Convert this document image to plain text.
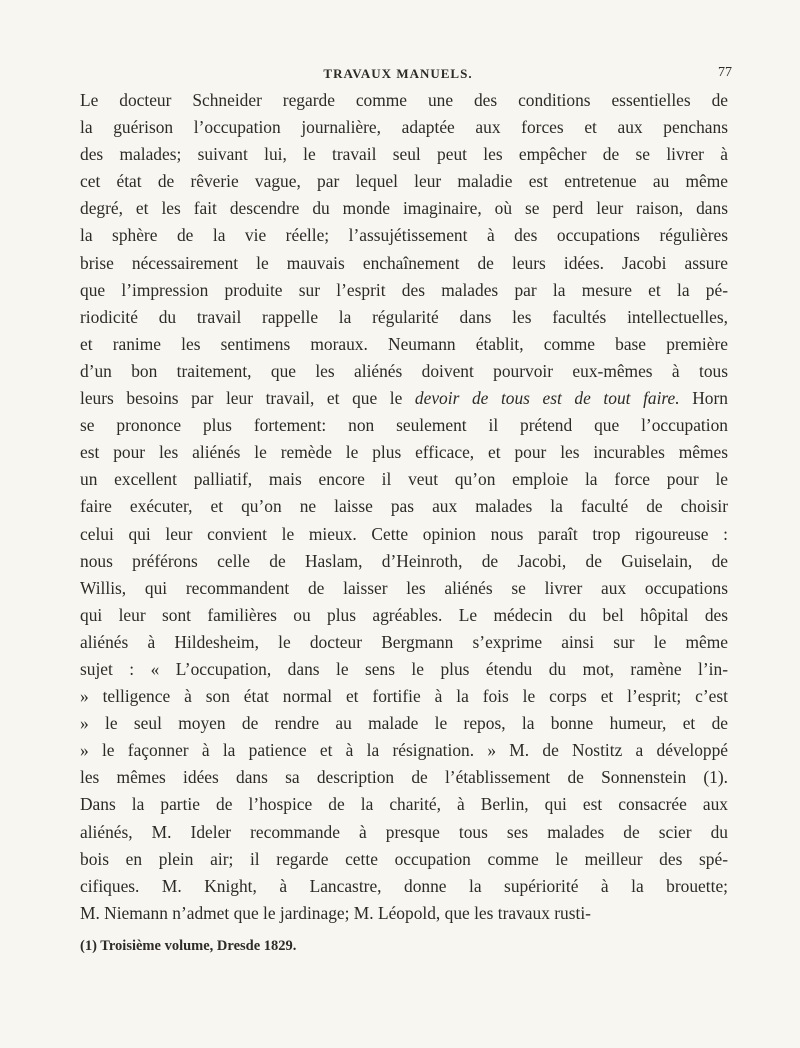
TRAVAUX MANUELS.	77
Le docteur Schneider regarde comme une des conditions essentielles de
la guérison l’occupation journalière, adaptée aux forces et aux penchans
des malades; suivant lui, le travail seul peut les empêcher de se livrer à
cet état de rêverie vague, par lequel leur maladie est entretenue au même
degré, et les fait descendre du monde imaginaire, où se perd leur raison, dans
la sphère de la vie réelle; l’assujétissement à des occupations régulières
brise nécessairement le mauvais enchaînement de leurs idées. Jacobi assure
que l’impression produite sur l’esprit des malades par la mesure et la pé-
riodicité du travail rappelle la régularité dans les facultés intellectuelles,
et ranime les sentimens moraux. Neumann établit, comme base première
d’un bon traitement, que les aliénés doivent pourvoir eux-mêmes à tous
leurs besoins par leur travail, et que le devoir de tous est de tout faire. Horn
se prononce plus fortement: non seulement il prétend que l’occupation
est pour les aliénés le remède le plus efficace, et pour les incurables mêmes
un excellent palliatif, mais encore il veut qu’on emploie la force pour le
faire exécuter, et qu’on ne laisse pas aux malades la faculté de choisir
celui qui leur convient le mieux. Cette opinion nous paraît trop rigoureuse :
nous préférons celle de Haslam, d’Heinroth, de Jacobi, de Guiselain, de
Willis, qui recommandent de laisser les aliénés se livrer aux occupations
qui leur sont familières ou plus agréables. Le médecin du bel hôpital des
aliénés à Hildesheim, le docteur Bergmann s’exprime ainsi sur le même
sujet : « L’occupation, dans le sens le plus étendu du mot, ramène l’in-
» telligence à son état normal et fortifie à la fois le corps et l’esprit; c’est
» le seul moyen de rendre au malade le repos, la bonne humeur, et de
» le façonner à la patience et à la résignation. » M. de Nostitz a développé
les mêmes idées dans sa description de l’établissement de Sonnenstein (1).
Dans la partie de l’hospice de la charité, à Berlin, qui est consacrée aux
aliénés, M. Ideler recommande à presque tous ses malades de scier du
bois en plein air; il regarde cette occupation comme le meilleur des spé-
cifiques. M. Knight, à Lancastre, donne la supériorité à la brouette;
M. Niemann n’admet que le jardinage; M. Léopold, que les travaux rusti-
(1) Troisième volume, Dresde 1829.
